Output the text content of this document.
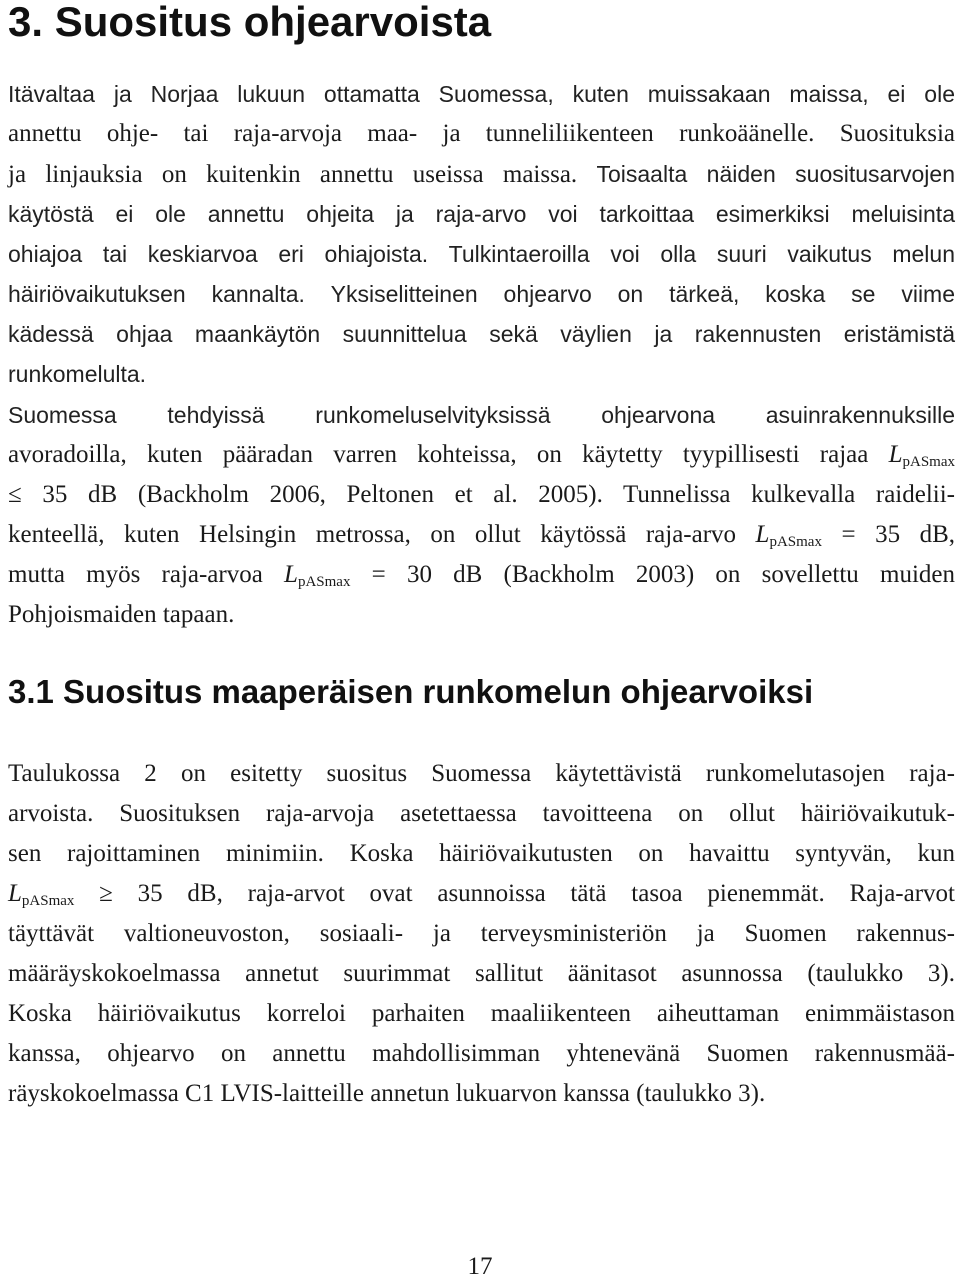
3. Suositus ohjearvoista
Itävaltaa ja Norjaa lukuun ottamatta Suomessa, kuten muissakaan maissa, ei ole
annettu ohje- tai raja-arvoja maa- ja tunneliliikenteen runkoäänelle. Suosituksia
ja linjauksia on kuitenkin annettu useissa maissa. Toisaalta näiden suositusarvojen
käytöstä ei ole annettu ohjeita ja raja-arvo voi tarkoittaa esimerkiksi meluisinta
ohiajoa tai keskiarvoa eri ohiajoista. Tulkintaeroilla voi olla suuri vaikutus melun
häiriövaikutuksen kannalta. Yksiselitteinen ohjearvo on tärkeä, koska se viime
kädessä ohjaa maankäytön suunnittelua sekä väylien ja rakennusten eristämistä
runkomelulta.
Suomessa tehdyissä runkomeluselvityksissä ohjearvona asuinrakennuksille
avoradoilla, kuten pääradan varren kohteissa, on käytetty tyypillisesti rajaa $L_{pASmax}$
≤ 35 dB (Backholm 2006, Peltonen et al. 2005). Tunnelissa kulkevalla raidelii-
kenteellä, kuten Helsingin metrossa, on ollut käytössä raja-arvo $L_{pASmax} = 35$ dB,
mutta myös raja-arvoa $L_{pASmax} = 30$ dB (Backholm 2003) on sovellettu muiden
Pohjoismaiden tapaan.
3.1 Suositus maaperäisen runkomelun ohjearvoiksi
Taulukossa 2 on esitetty suositus Suomessa käytettävistä runkomelutasojen raja-
arvoista. Suosituksen raja-arvoja asetettaessa tavoitteena on ollut häiriövaikutuk-
sen rajoittaminen minimiin. Koska häiriövaikutusten on havaittu syntyvän, kun
$L_{pASmax} \ge 35$ dB, raja-arvot ovat asunnoissa tätä tasoa pienemmät. Raja-arvot
täyttävät valtioneuvoston, sosiaali- ja terveysministeriön ja Suomen rakennus-
määräyskokoelmassa annetut suurimmat sallitut äänitasot asunnossa (taulukko 3).
Koska häiriövaikutus korreloi parhaiten maaliikenteen aiheuttaman enimmäistason
kanssa, ohjearvo on annettu mahdollisimman yhtenevänä Suomen rakennusmää-
räyskokoelmassa C1 LVIS-laitteille annetun lukuarvon kanssa (taulukko 3).
17
